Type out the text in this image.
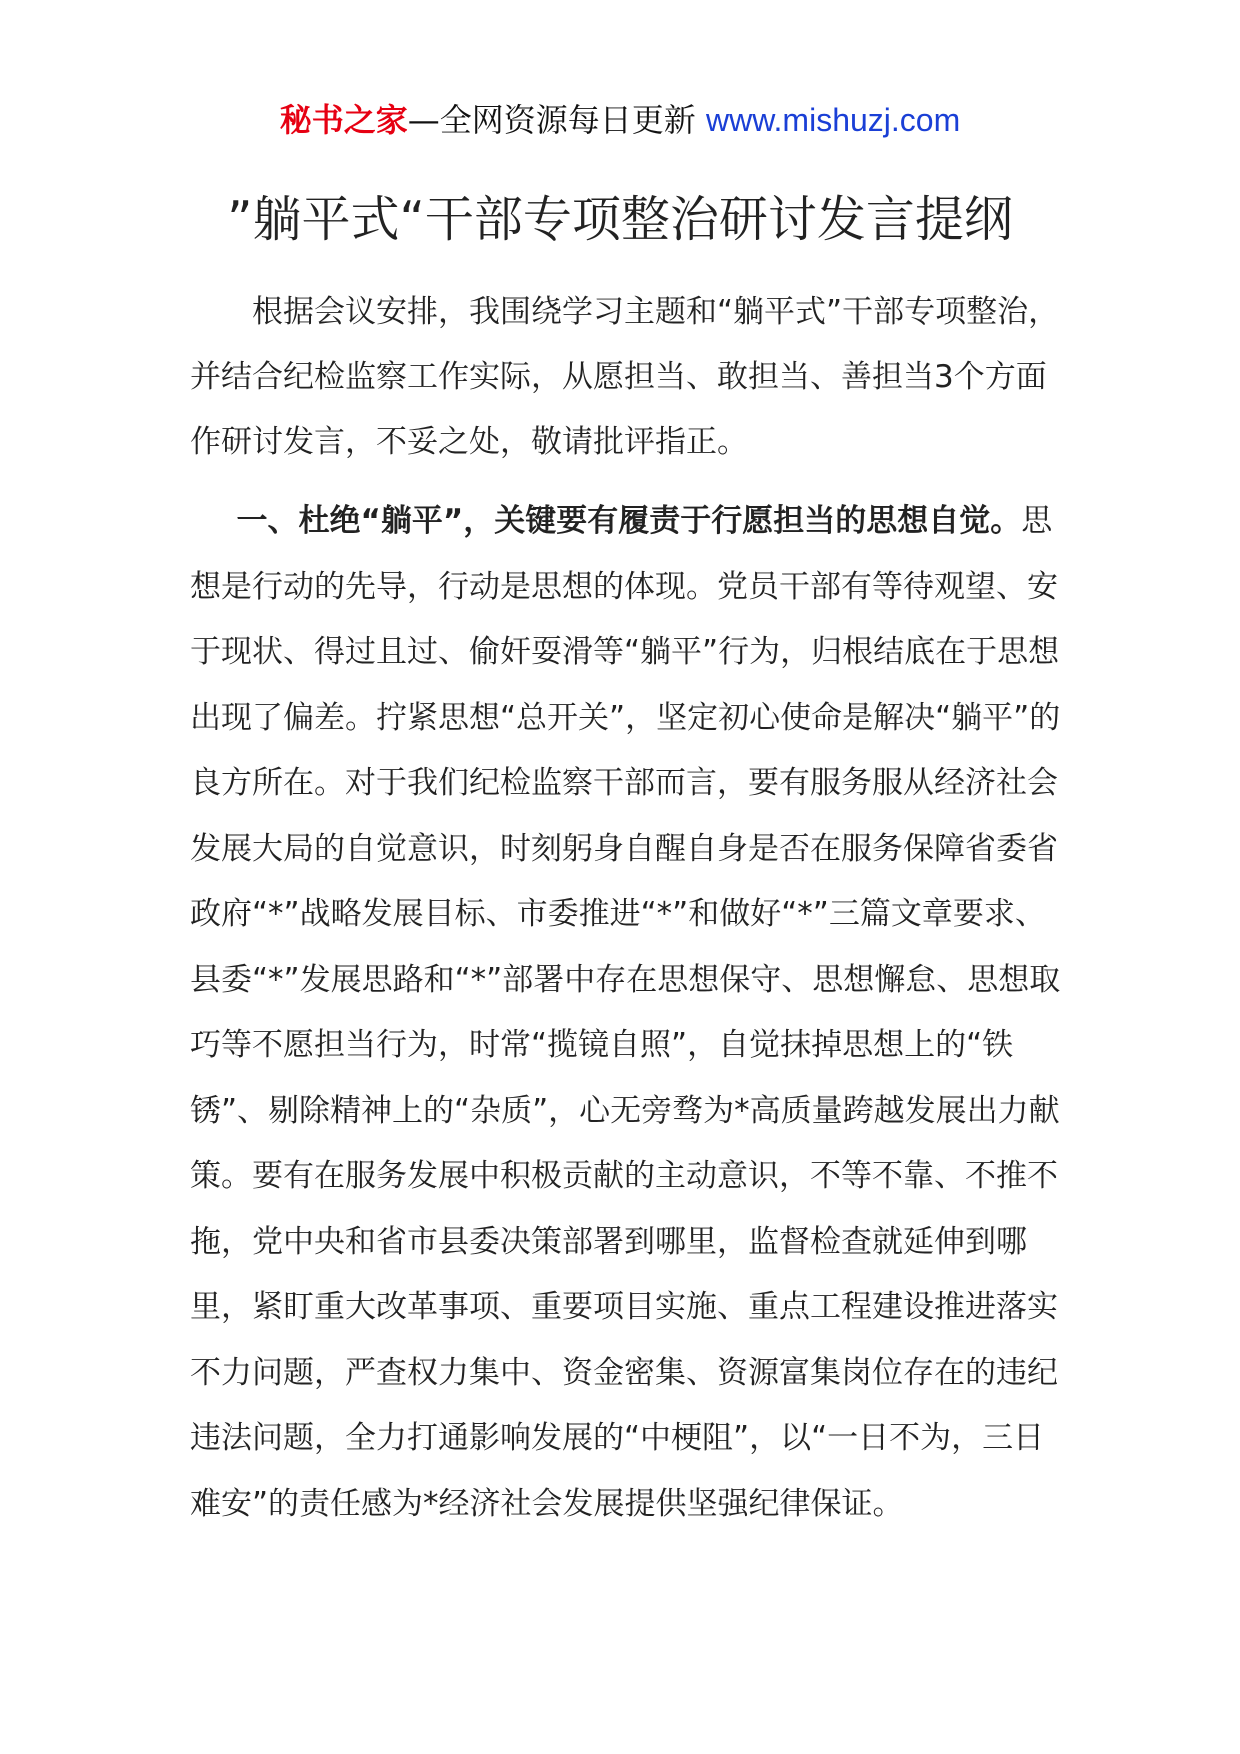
秘书之家—全网资源每日更新 www.mishuzj.com
”躺平式“干部专项整治研讨发言提纲

根据会议安排，我围绕学习主题和“躺平式”干部专项整治，并结合纪检监察工作实际，从愿担当、敢担当、善担当3个方面作研讨发言，不妥之处，敬请批评指正。

一、杜绝“躺平”，关键要有履责于行愿担当的思想自觉。思想是行动的先导，行动是思想的体现。党员干部有等待观望、安于现状、得过且过、偷奸耍滑等“躺平”行为，归根结底在于思想出现了偏差。拧紧思想“总开关”，坚定初心使命是解决“躺平”的良方所在。对于我们纪检监察干部而言，要有服务服从经济社会发展大局的自觉意识，时刻躬身自醒自身是否在服务保障省委省政府“*”战略发展目标、市委推进“*”和做好“*”三篇文章要求、县委“*”发展思路和“*”部署中存在思想保守、思想懈怠、思想取巧等不愿担当行为，时常“揽镜自照”，自觉抹掉思想上的“铁锈”、剔除精神上的“杂质”，心无旁骛为*高质量跨越发展出力献策。要有在服务发展中积极贡献的主动意识，不等不靠、不推不拖，党中央和省市县委决策部署到哪里，监督检查就延伸到哪里，紧盯重大改革事项、重要项目实施、重点工程建设推进落实不力问题，严查权力集中、资金密集、资源富集岗位存在的违纪违法问题，全力打通影响发展的“中梗阻”，以“一日不为，三日难安”的责任感为*经济社会发展提供坚强纪律保证。
